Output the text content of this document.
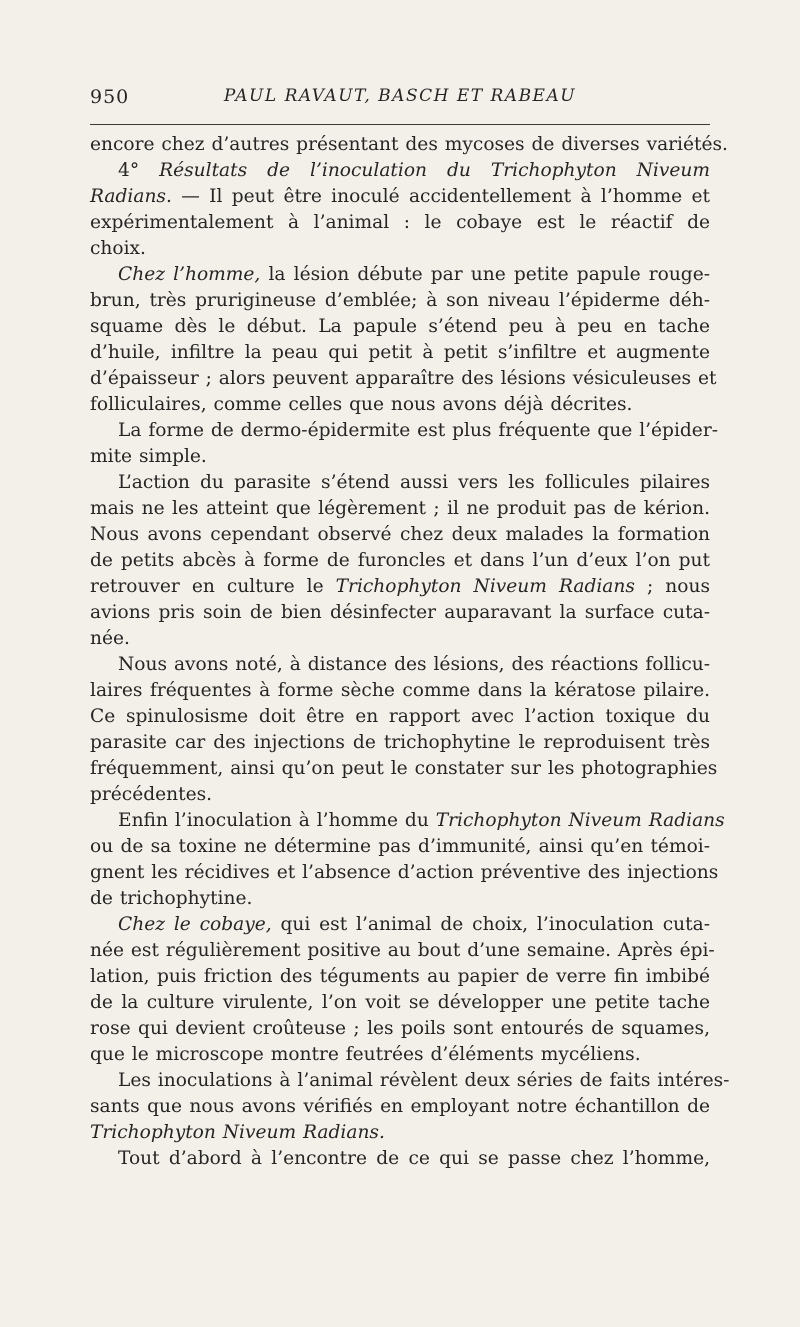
950	PAUL RAVAUT, BASCH ET RABEAU
encore chez d’autres présentant des mycoses de diverses variétés.
4° Résultats de l’inoculation du Trichophyton Niveum
Radians. — Il peut être inoculé accidentellement à l’homme et
expérimentalement à l’animal : le cobaye est le réactif de
choix.
Chez l’homme, la lésion débute par une petite papule rouge-
brun, très prurigineuse d’emblée; à son niveau l’épiderme déh-
squame dès le début. La papule s’étend peu à peu en tache
d’huile, infiltre la peau qui petit à petit s’infiltre et augmente
d’épaisseur ; alors peuvent apparaître des lésions vésiculeuses et
folliculaires, comme celles que nous avons déjà décrites.
La forme de dermo-épidermite est plus fréquente que l’épider-
mite simple.
L’action du parasite s’étend aussi vers les follicules pilaires
mais ne les atteint que légèrement ; il ne produit pas de kérion.
Nous avons cependant observé chez deux malades la formation
de petits abcès à forme de furoncles et dans l’un d’eux l’on put
retrouver en culture le Trichophyton Niveum Radians ; nous
avions pris soin de bien désinfecter auparavant la surface cuta-
née.
Nous avons noté, à distance des lésions, des réactions follicu-
laires fréquentes à forme sèche comme dans la kératose pilaire.
Ce spinulosisme doit être en rapport avec l’action toxique du
parasite car des injections de trichophytine le reproduisent très
fréquemment, ainsi qu’on peut le constater sur les photographies
précédentes.
Enfin l’inoculation à l’homme du Trichophyton Niveum Radians
ou de sa toxine ne détermine pas d’immunité, ainsi qu’en témoi-
gnent les récidives et l’absence d’action préventive des injections
de trichophytine.
Chez le cobaye, qui est l’animal de choix, l’inoculation cuta-
née est régulièrement positive au bout d’une semaine. Après épi-
lation, puis friction des téguments au papier de verre fin imbibé
de la culture virulente, l’on voit se développer une petite tache
rose qui devient croûteuse ; les poils sont entourés de squames,
que le microscope montre feutrées d’éléments mycéliens.
Les inoculations à l’animal révèlent deux séries de faits intéres-
sants que nous avons vérifiés en employant notre échantillon de
Trichophyton Niveum Radians.
Tout d’abord à l’encontre de ce qui se passe chez l’homme,
